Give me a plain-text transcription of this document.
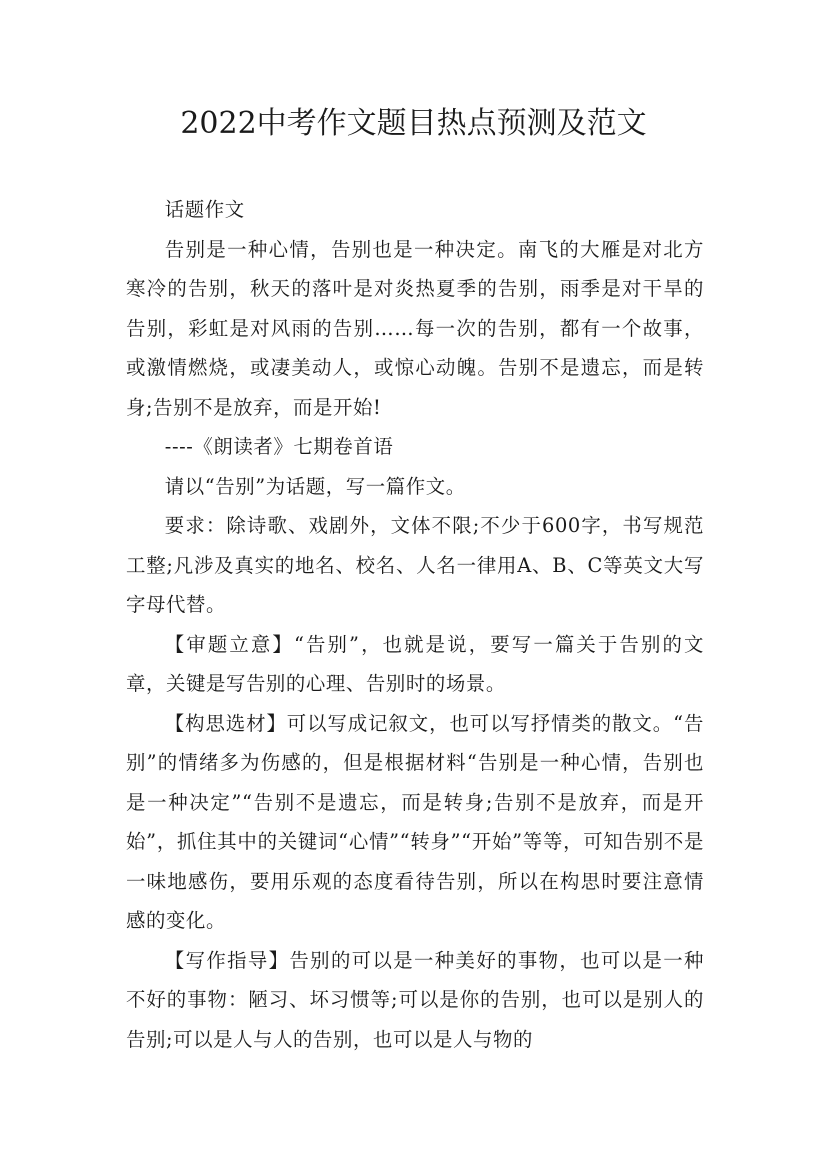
2022中考作文题目热点预测及范文

话题作文

告别是一种心情，告别也是一种决定。南飞的大雁是对北方寒冷的告别，秋天的落叶是对炎热夏季的告别，雨季是对干旱的告别，彩虹是对风雨的告别……每一次的告别，都有一个故事，或激情燃烧，或凄美动人，或惊心动魄。告别不是遗忘，而是转身;告别不是放弃，而是开始!

----《朗读者》七期卷首语

请以“告别”为话题，写一篇作文。

要求：除诗歌、戏剧外，文体不限;不少于600字，书写规范工整;凡涉及真实的地名、校名、人名一律用A、B、C等英文大写字母代替。

【审题立意】“告别”，也就是说，要写一篇关于告别的文章，关键是写告别的心理、告别时的场景。

【构思选材】可以写成记叙文，也可以写抒情类的散文。“告别”的情绪多为伤感的，但是根据材料“告别是一种心情，告别也是一种决定”“告别不是遗忘，而是转身;告别不是放弃，而是开始”，抓住其中的关键词“心情”“转身”“开始”等等，可知告别不是一味地感伤，要用乐观的态度看待告别，所以在构思时要注意情感的变化。

【写作指导】告别的可以是一种美好的事物，也可以是一种不好的事物：陋习、坏习惯等;可以是你的告别，也可以是别人的告别;可以是人与人的告别，也可以是人与物的
